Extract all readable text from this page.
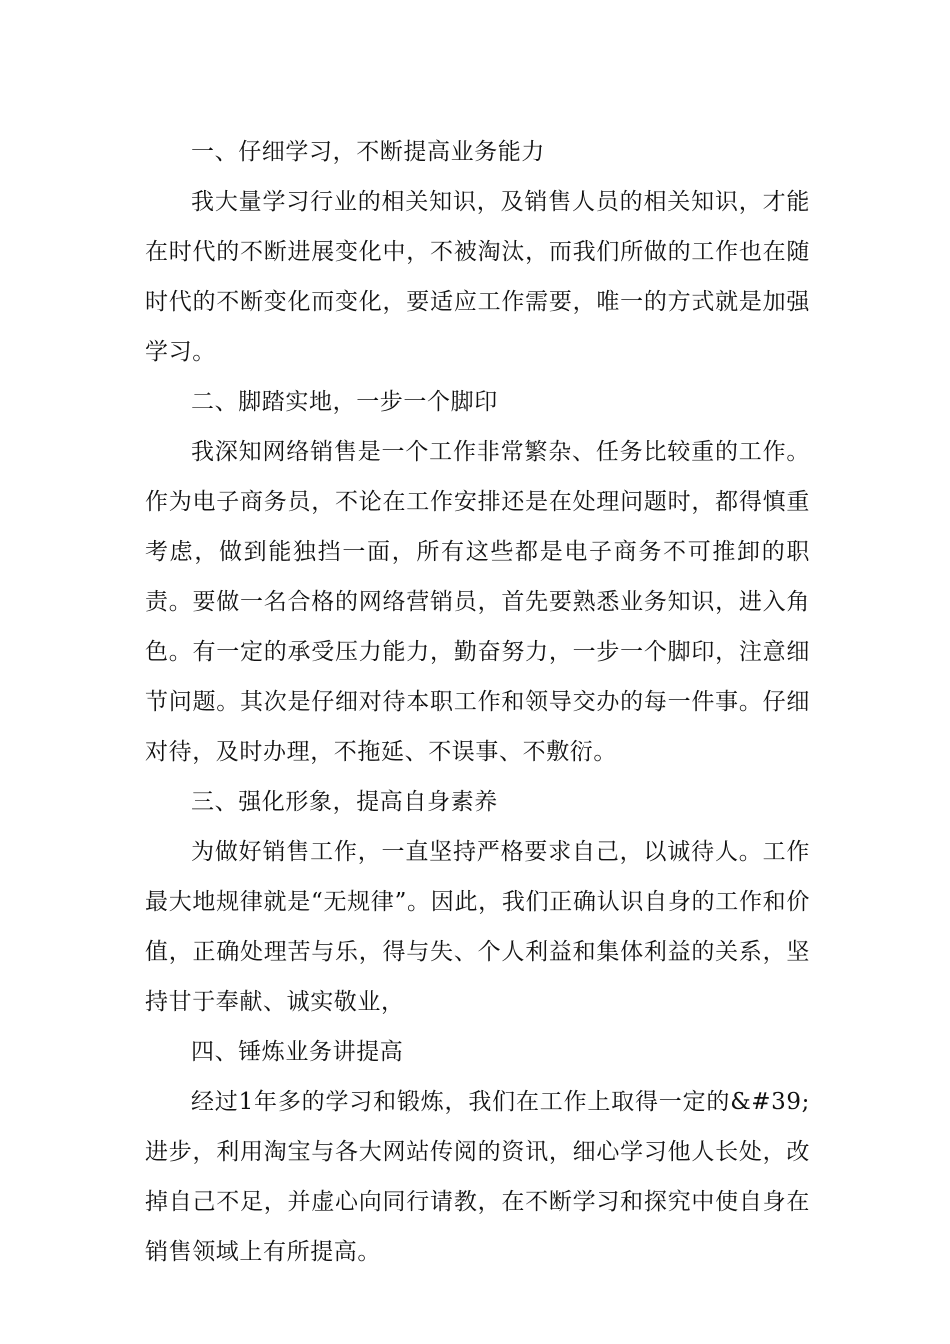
一、仔细学习，不断提高业务能力

我大量学习行业的相关知识，及销售人员的相关知识，才能在时代的不断进展变化中，不被淘汰，而我们所做的工作也在随时代的不断变化而变化，要适应工作需要，唯一的方式就是加强学习。

二、脚踏实地，一步一个脚印

我深知网络销售是一个工作非常繁杂、任务比较重的工作。作为电子商务员，不论在工作安排还是在处理问题时，都得慎重考虑，做到能独挡一面，所有这些都是电子商务不可推卸的职责。要做一名合格的网络营销员，首先要熟悉业务知识，进入角色。有一定的承受压力能力，勤奋努力，一步一个脚印，注意细节问题。其次是仔细对待本职工作和领导交办的每一件事。仔细对待，及时办理，不拖延、不误事、不敷衍。

三、强化形象，提高自身素养

为做好销售工作，一直坚持严格要求自己，以诚待人。工作最大地规律就是“无规律”。因此，我们正确认识自身的工作和价值，正确处理苦与乐，得与失、个人利益和集体利益的关系，坚持甘于奉献、诚实敬业，

四、锤炼业务讲提高

经过1年多的学习和锻炼，我们在工作上取得一定的&#39;进步，利用淘宝与各大网站传阅的资讯，细心学习他人长处，改掉自己不足，并虚心向同行请教，在不断学习和探究中使自身在销售领域上有所提高。
